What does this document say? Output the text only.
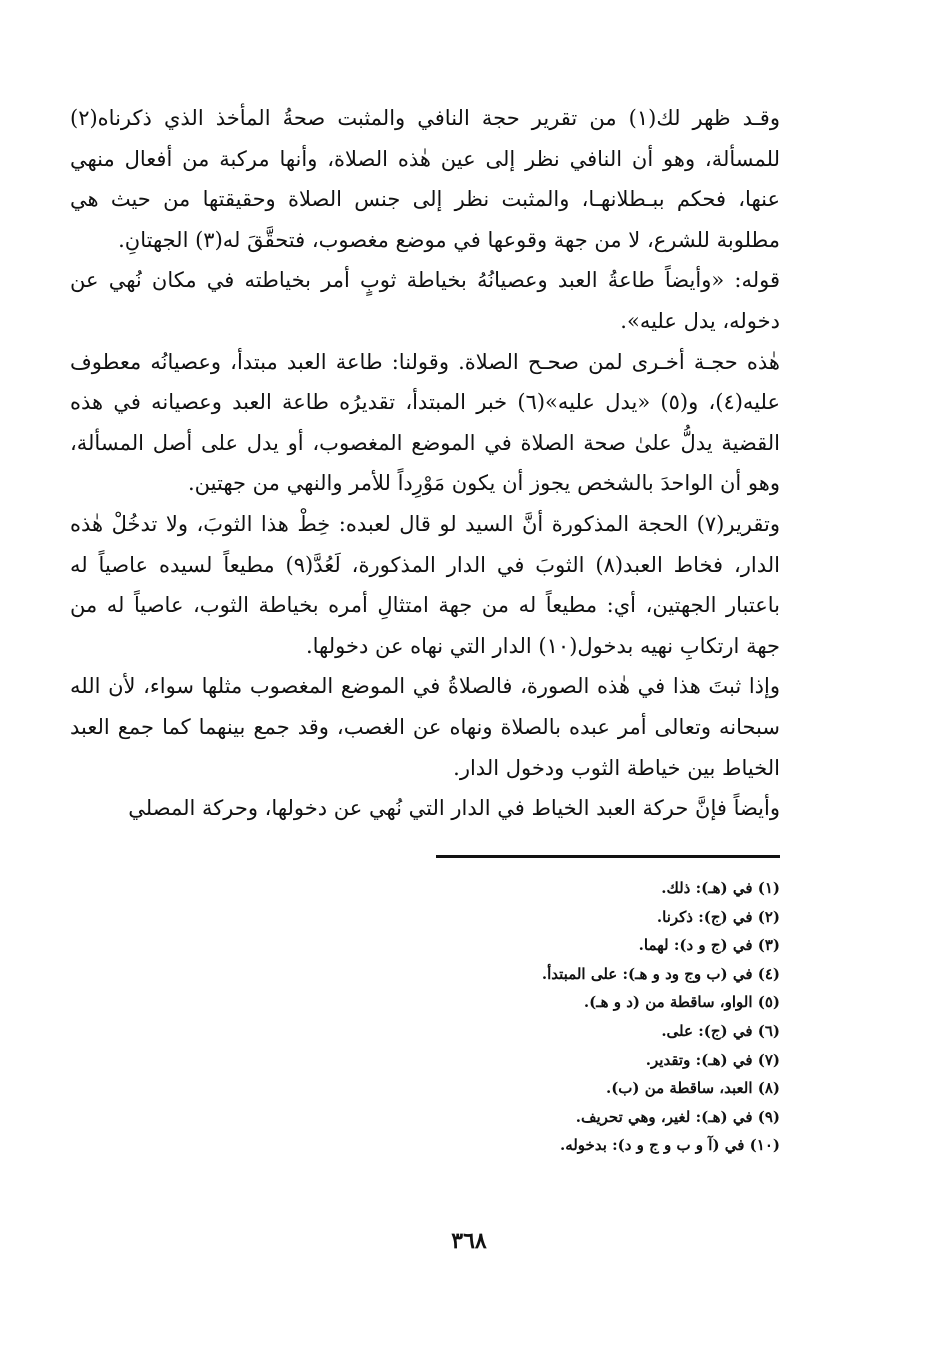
وقـد ظهر لك(١) من تقرير حجة النافي والمثبت صحةُ المأخذ الذي ذكرناه(٢) للمسألة، وهو أن النافي نظر إلى عين هٰذه الصلاة، وأنها مركبة من أفعال منهي عنها، فحكم ببـطلانهـا، والمثبت نظر إلى جنس الصلاة وحقيقتها من حيث هي مطلوبة للشرع، لا من جهة وقوعها في موضع مغصوب، فتحقَّقَ له(٣) الجهتانِ.

قوله: «وأيضاً طاعةُ العبد وعصيانُهُ بخياطة ثوبٍ أمر بخياطته في مكان نُهي عن دخوله، يدل عليه».

هٰذه حجـة أخـرى لمن صحـح الصلاة. وقولنا: طاعة العبد مبتدأ، وعصيانُه معطوف عليه(٤)، و(٥) «يدل عليه»(٦) خبر المبتدأ، تقديرُه طاعة العبد وعصيانه في هذه القضية يدلُّ علىٰ صحة الصلاة في الموضع المغصوب، أو يدل على أصل المسألة، وهو أن الواحدَ بالشخص يجوز أن يكون مَوْرِداً للأمر والنهي من جهتين.

وتقرير(٧) الحجة المذكورة أنَّ السيد لو قال لعبده: خِطْ هذا الثوبَ، ولا تدخُلْ هٰذه الدار، فخاط العبد(٨) الثوبَ في الدار المذكورة، لَعُدَّ(٩) مطيعاً لسيده عاصياً له باعتبار الجهتين، أي: مطيعاً له من جهة امتثالِ أمره بخياطة الثوب، عاصياً له من جهة ارتكابِ نهيه بدخول(١٠) الدار التي نهاه عن دخولها.

وإذا ثبتَ هذا في هٰذه الصورة، فالصلاةُ في الموضع المغصوب مثلها سواء، لأن الله سبحانه وتعالى أمر عبده بالصلاة ونهاه عن الغصب، وقد جمع بينهما كما جمع العبد الخياط بين خياطة الثوب ودخول الدار.

وأيضاً فإنَّ حركة العبد الخياط في الدار التي نُهي عن دخولها، وحركة المصلي

(١) في (هـ): ذلك.
(٢) في (ج): ذكرنا.
(٣) في (ج و د): لهما.
(٤) في (ب وج ود و هـ): على المبتدأ.
(٥) الواو، ساقطة من (د و هـ).
(٦) في (ج): على.
(٧) في (هـ): وتقدير.
(٨) العبد، ساقطة من (ب).
(٩) في (هـ): لغير، وهي تحريف.
(١٠) في (آ و ب و ج و د): بدخوله.
٣٦٨
